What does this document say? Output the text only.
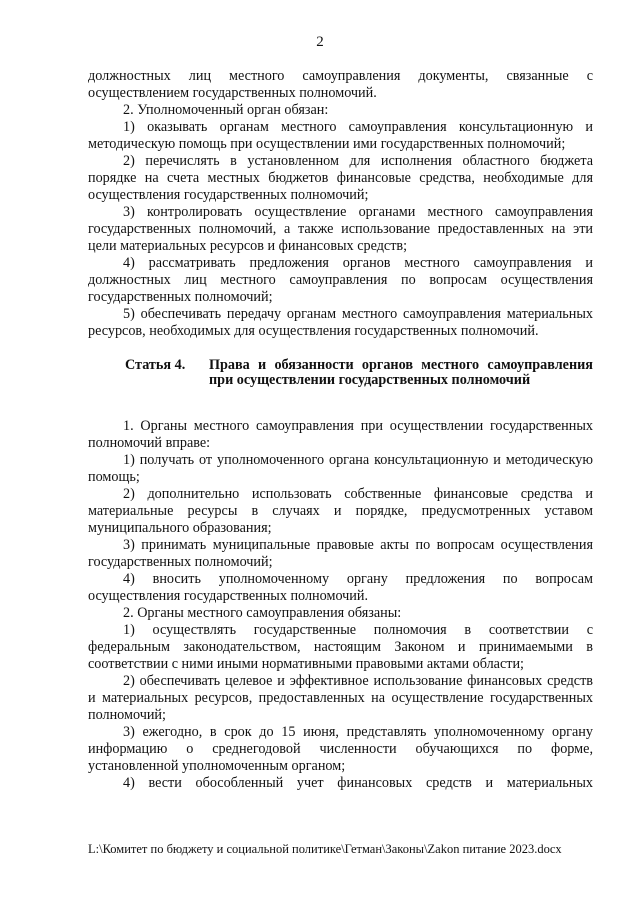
2

должностных лиц местного самоуправления документы, связанные с осуществлением государственных полномочий.

2. Уполномоченный орган обязан:

1) оказывать органам местного самоуправления консультационную и методическую помощь при осуществлении ими государственных полномочий;

2) перечислять в установленном для исполнения областного бюджета порядке на счета местных бюджетов финансовые средства, необходимые для осуществления государственных полномочий;

3) контролировать осуществление органами местного самоуправления государственных полномочий, а также использование предоставленных на эти цели материальных ресурсов и финансовых средств;

4) рассматривать предложения органов местного самоуправления и должностных лиц местного самоуправления по вопросам осуществления государственных полномочий;

5) обеспечивать передачу органам местного самоуправления материальных ресурсов, необходимых для осуществления государственных полномочий.

Статья 4.	Права и обязанности органов местного самоуправления при осуществлении государственных полномочий

1. Органы местного самоуправления при осуществлении государственных полномочий вправе:

1) получать от уполномоченного органа консультационную и методическую помощь;

2) дополнительно использовать собственные финансовые средства и материальные ресурсы в случаях и порядке, предусмотренных уставом муниципального образования;

3) принимать муниципальные правовые акты по вопросам осуществления государственных полномочий;

4) вносить уполномоченному органу предложения по вопросам осуществления государственных полномочий.

2. Органы местного самоуправления обязаны:

1) осуществлять государственные полномочия в соответствии с федеральным законодательством, настоящим Законом и принимаемыми в соответствии с ними иными нормативными правовыми актами области;

2) обеспечивать целевое и эффективное использование финансовых средств и материальных ресурсов, предоставленных на осуществление государственных полномочий;

3) ежегодно, в срок до 15 июня, представлять уполномоченному органу информацию о среднегодовой численности обучающихся по форме, установленной уполномоченным органом;

4) вести обособленный учет финансовых средств и материальных

L:\Комитет по бюджету и социальной политике\Гетман\Законы\Zakon питание 2023.docx
